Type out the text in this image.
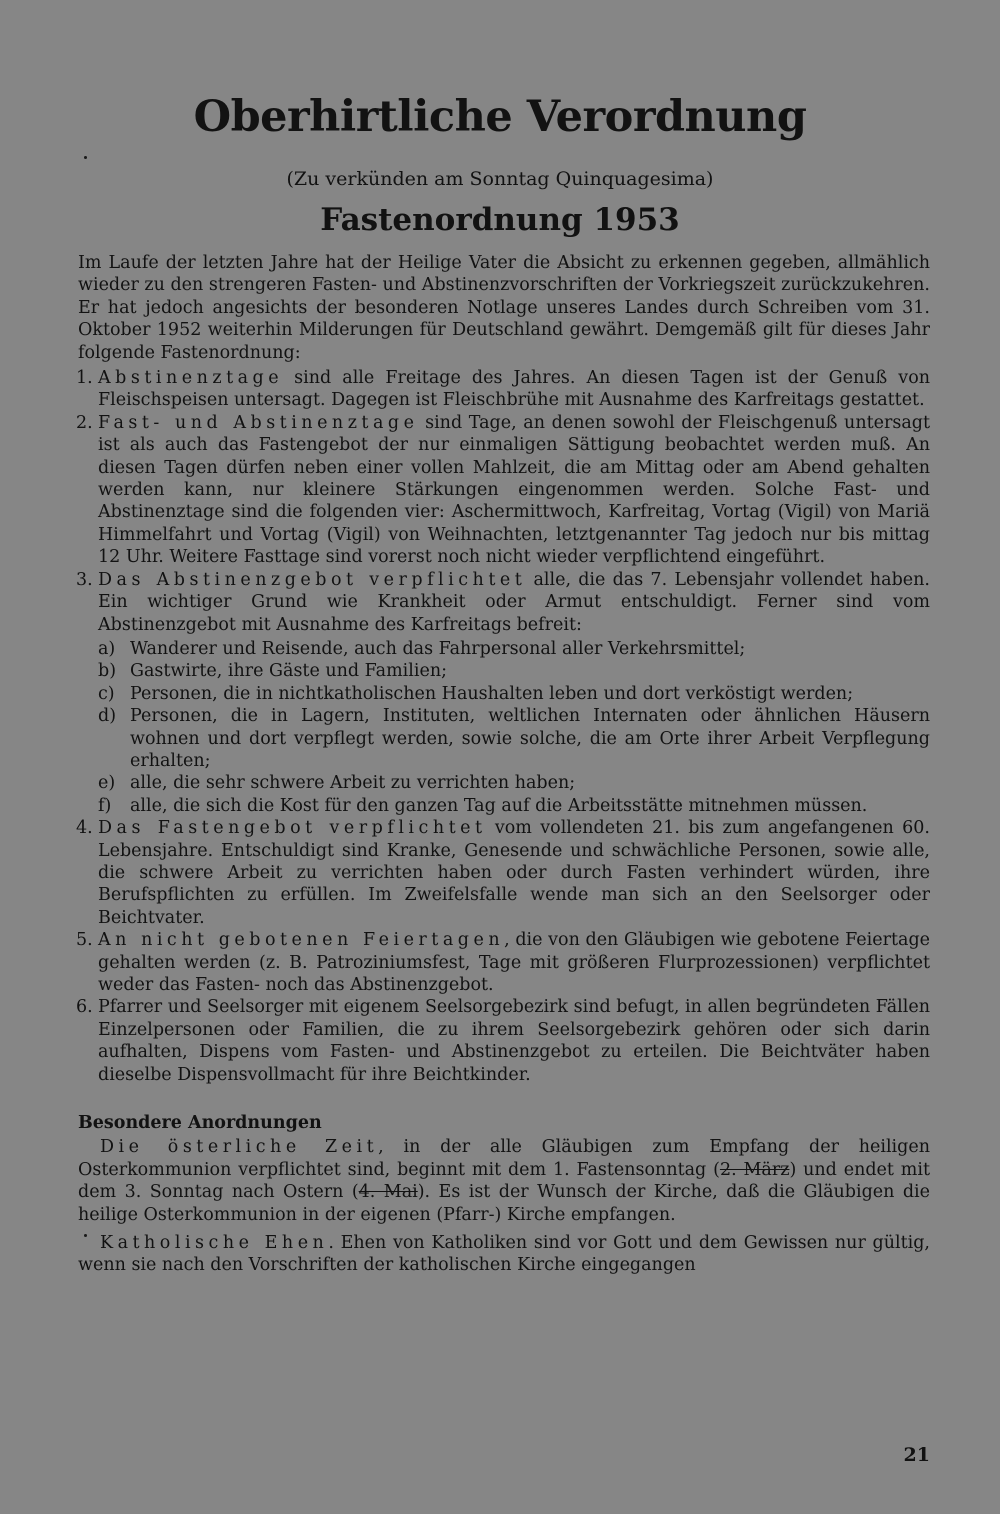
Oberhirtliche Verordnung

(Zu verkünden am Sonntag Quinquagesima)

Fastenordnung 1953

Im Laufe der letzten Jahre hat der Heilige Vater die Absicht zu erkennen gegeben, allmählich wieder zu den strengeren Fasten- und Abstinenzvorschriften der Vorkriegszeit zurückzukehren. Er hat jedoch angesichts der besonderen Notlage unseres Landes durch Schreiben vom 31. Oktober 1952 weiterhin Milderungen für Deutschland gewährt. Demgemäß gilt für dieses Jahr folgende Fastenordnung:

1. Abstinenztage sind alle Freitage des Jahres. An diesen Tagen ist der Genuß von Fleischspeisen untersagt. Dagegen ist Fleischbrühe mit Ausnahme des Karfreitags gestattet.

2. Fast- und Abstinenztage sind Tage, an denen sowohl der Fleischgenuß untersagt ist als auch das Fastengebot der nur einmaligen Sättigung beobachtet werden muß. An diesen Tagen dürfen neben einer vollen Mahlzeit, die am Mittag oder am Abend gehalten werden kann, nur kleinere Stärkungen eingenommen werden. Solche Fast- und Abstinenztage sind die folgenden vier: Aschermittwoch, Karfreitag, Vortag (Vigil) von Mariä Himmelfahrt und Vortag (Vigil) von Weihnachten, letztgenannter Tag jedoch nur bis mittag 12 Uhr. Weitere Fasttage sind vorerst noch nicht wieder verpflichtend eingeführt.

3. Das Abstinenzgebot verpflichtet alle, die das 7. Lebensjahr vollendet haben. Ein wichtiger Grund wie Krankheit oder Armut entschuldigt. Ferner sind vom Abstinenzgebot mit Ausnahme des Karfreitags befreit:

a) Wanderer und Reisende, auch das Fahrpersonal aller Verkehrsmittel;

b) Gastwirte, ihre Gäste und Familien;

c) Personen, die in nichtkatholischen Haushalten leben und dort verköstigt werden;

d) Personen, die in Lagern, Instituten, weltlichen Internaten oder ähnlichen Häusern wohnen und dort verpflegt werden, sowie solche, die am Orte ihrer Arbeit Verpflegung erhalten;

e) alle, die sehr schwere Arbeit zu verrichten haben;

f) alle, die sich die Kost für den ganzen Tag auf die Arbeitsstätte mitnehmen müssen.

4. Das Fastengebot verpflichtet vom vollendeten 21. bis zum angefangenen 60. Lebensjahre. Entschuldigt sind Kranke, Genesende und schwächliche Personen, sowie alle, die schwere Arbeit zu verrichten haben oder durch Fasten verhindert würden, ihre Berufspflichten zu erfüllen. Im Zweifelsfalle wende man sich an den Seelsorger oder Beichtvater.

5. An nicht gebotenen Feiertagen, die von den Gläubigen wie gebotene Feiertage gehalten werden (z. B. Patroziniumsfest, Tage mit größeren Flurprozessionen) verpflichtet weder das Fasten- noch das Abstinenzgebot.

6. Pfarrer und Seelsorger mit eigenem Seelsorgebezirk sind befugt, in allen begründeten Fällen Einzelpersonen oder Familien, die zu ihrem Seelsorgebezirk gehören oder sich darin aufhalten, Dispens vom Fasten- und Abstinenzgebot zu erteilen. Die Beichtväter haben dieselbe Dispensvollmacht für ihre Beichtkinder.

Besondere Anordnungen

Die österliche Zeit, in der alle Gläubigen zum Empfang der heiligen Osterkommunion verpflichtet sind, beginnt mit dem 1. Fastensonntag (2. März) und endet mit dem 3. Sonntag nach Ostern (4. Mai). Es ist der Wunsch der Kirche, daß die Gläubigen die heilige Osterkommunion in der eigenen (Pfarr-) Kirche empfangen.

Katholische Ehen. Ehen von Katholiken sind vor Gott und dem Gewissen nur gültig, wenn sie nach den Vorschriften der katholischen Kirche eingegangen

21
